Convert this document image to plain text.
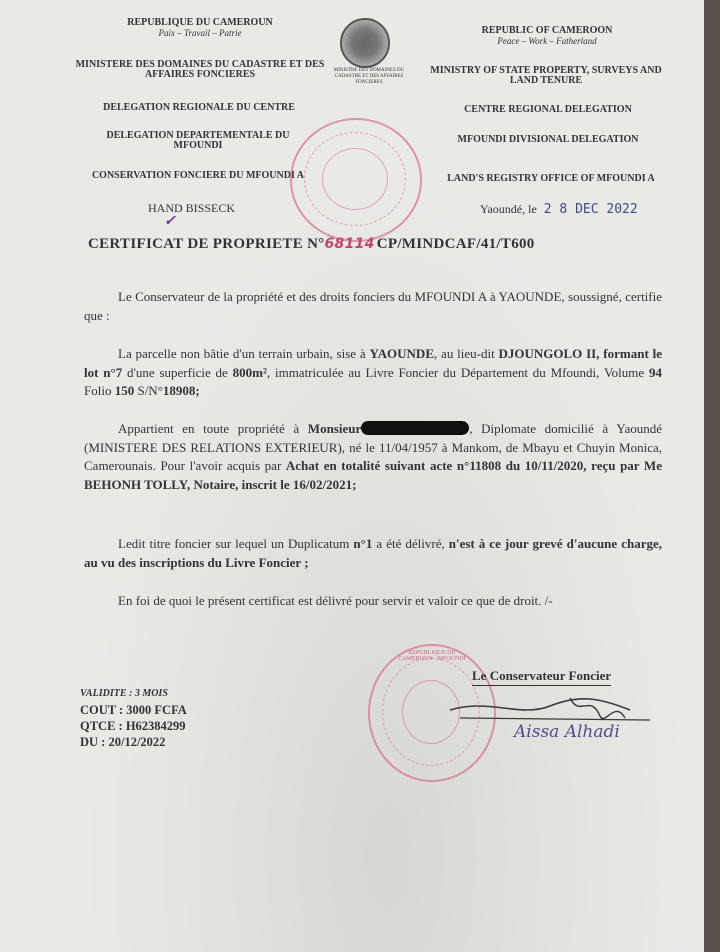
REPUBLIQUE DU CAMEROUN
Paix – Travail – Patrie
MINISTERE DES DOMAINES DU CADASTRE ET DES AFFAIRES FONCIERES
DELEGATION REGIONALE DU CENTRE
DELEGATION DEPARTEMENTALE DU MFOUNDI
CONSERVATION FONCIERE DU MFOUNDI A
MINISTRE DES DOMAINES DU CADASTRE ET DES AFFAIRES FONCIERES
REPUBLIC OF CAMEROON
Peace – Work – Fatherland
MINISTRY OF STATE PROPERTY, SURVEYS AND LAND TENURE
CENTRE REGIONAL DELEGATION
MFOUNDI DIVISIONAL DELEGATION
LAND'S REGISTRY OFFICE OF MFOUNDI A
HAND BISSECK
✓
Yaoundé, le 2 8 DEC 2022
CERTIFICAT DE PROPRIETE N°68114 CP/MINDCAF/41/T600
Le Conservateur de la propriété et des droits fonciers du MFOUNDI A à YAOUNDE, soussigné, certifie que :
La parcelle non bâtie d'un terrain urbain, sise à YAOUNDE, au lieu-dit DJOUNGOLO II, formant le lot n°7 d'une superficie de 800m², immatriculée au Livre Foncier du Département du Mfoundi, Volume 94 Folio 150 S/N°18908;
Appartient en toute propriété à Monsieur	, Diplomate domicilié à Yaoundé (MINISTERE DES RELATIONS EXTERIEUR), né le 11/04/1957 à Mankom, de Mbayu et Chuyin Monica, Camerounais. Pour l'avoir acquis par Achat en totalité suivant acte n°11808 du 10/11/2020, reçu par Me BEHONH TOLLY, Notaire, inscrit le 16/02/2021;
Ledit titre foncier sur lequel un Duplicatum n°1 a été délivré, n'est à ce jour grevé d'aucune charge, au vu des inscriptions du Livre Foncier ;
En foi de quoi le présent certificat est délivré pour servir et valoir ce que de droit. /-
Le Conservateur Foncier
Aissa Alhadi
VALIDITE : 3 MOIS
COUT : 3000 FCFA
QTCE : H62384299
DU : 20/12/2022
REPUBLIQUE DU CAMEROUN · MFOUNDI
